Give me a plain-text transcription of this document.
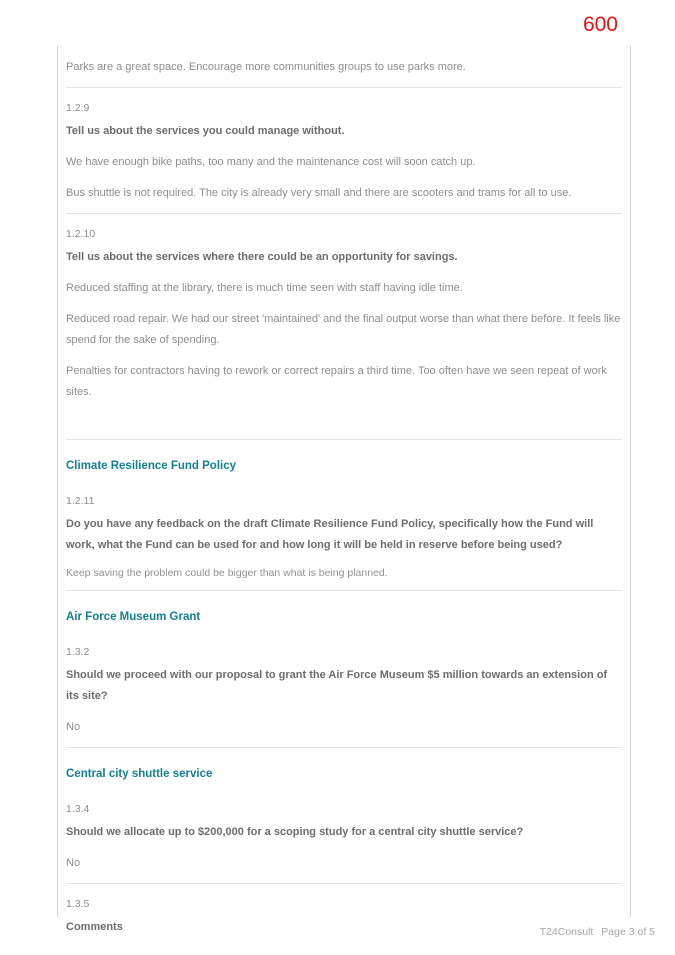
600
Parks are a great space. Encourage more communities groups to use parks more.
1.2.9
Tell us about the services you could manage without.
We have enough bike paths, too many and the maintenance cost will soon catch up.
Bus shuttle is not required. The city is already very small and there are scooters and trams for all to use.
1.2.10
Tell us about the services where there could be an opportunity for savings.
Reduced staffing at the library, there is much time seen with staff having idle time.
Reduced road repair. We had our street 'maintained' and the final output worse than what there before. It feels like spend for the sake of spending.
Penalties for contractors having to rework or correct repairs a third time. Too often have we seen repeat of work sites.
Climate Resilience Fund Policy
1.2.11
Do you have any feedback on the draft Climate Resilience Fund Policy, specifically how the Fund will work, what the Fund can be used for and how long it will be held in reserve before being used?
Keep saving the problem could be bigger than what is being planned.
Air Force Museum Grant
1.3.2
Should we proceed with our proposal to grant the Air Force Museum $5 million towards an extension of its site?
No
Central city shuttle service
1.3.4
Should we allocate up to $200,000 for a scoping study for a central city shuttle service?
No
1.3.5
Comments	T24Consult Page 3 of 5
